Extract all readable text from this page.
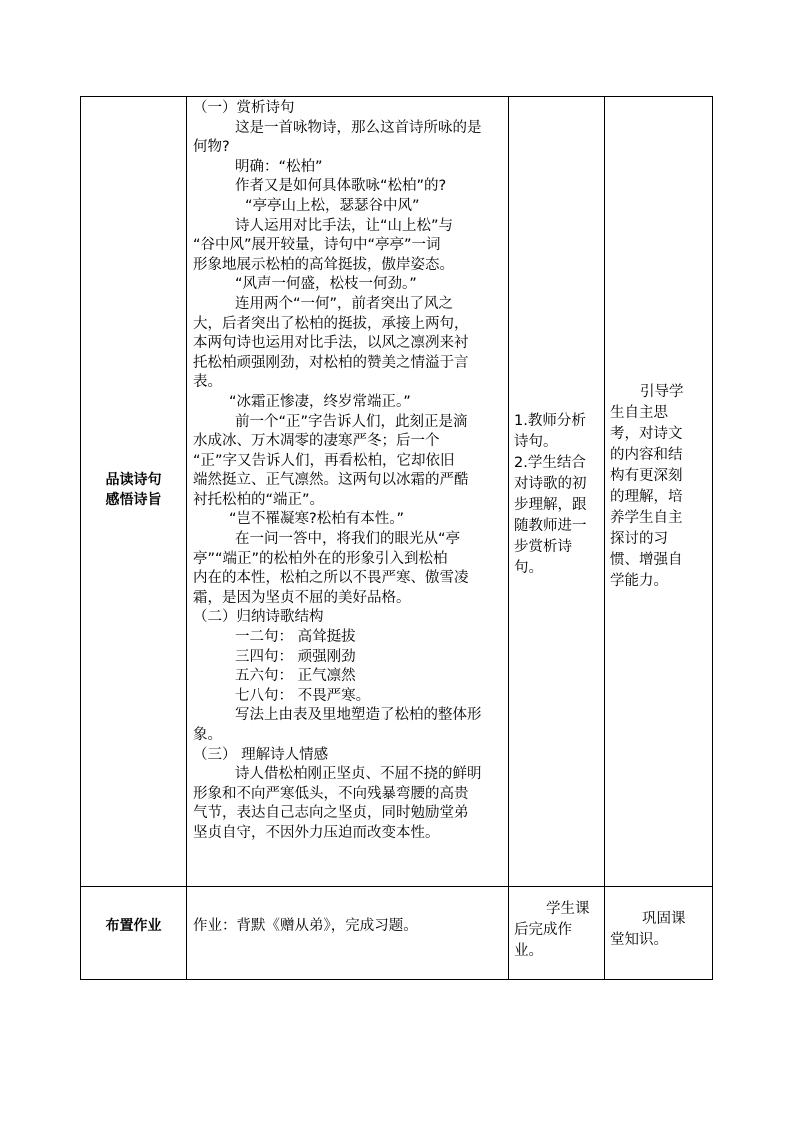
品读诗句
感悟诗旨

（一）赏析诗句

这是一首咏物诗，那么这首诗所咏的是

何物?

明确：“松柏”

作者又是如何具体歌咏“松柏”的?

“亭亭山上松，瑟瑟谷中风”

诗人运用对比手法，让“山上松”与

“谷中风”展开较量，诗句中“亭亭”一词

形象地展示松柏的高耸挺拔，傲岸姿态。

“风声一何盛，松枝一何劲。”

连用两个“一何”，前者突出了风之

大，后者突出了松柏的挺拔，承接上两句，

本两句诗也运用对比手法，以风之凛冽来衬

托松柏顽强刚劲，对松柏的赞美之情溢于言

表。

“冰霜正惨凄，终岁常端正。”

前一个“正”字告诉人们，此刻正是滴

水成冰、万木凋零的凄寒严冬；后一个

“正”字又告诉人们，再看松柏，它却依旧

端然挺立、正气凛然。这两句以冰霜的严酷

衬托松柏的“端正”。

“岂不罹凝寒?松柏有本性。”

在一问一答中，将我们的眼光从“亭

亭”“端正”的松柏外在的形象引入到松柏

内在的本性，松柏之所以不畏严寒、傲雪凌

霜，是因为坚贞不屈的美好品格。

（二）归纳诗歌结构

一二句： 高耸挺拔

三四句： 顽强刚劲

五六句： 正气凛然

七八句： 不畏严寒。

写法上由表及里地塑造了松柏的整体形

象。

（三） 理解诗人情感

诗人借松柏刚正坚贞、不屈不挠的鲜明

形象和不向严寒低头，不向残暴弯腰的高贵

气节，表达自己志向之坚贞，同时勉励堂弟

坚贞自守，不因外力压迫而改变本性。

1.教师分析

诗句。

2.学生结合

对诗歌的初

步理解，跟

随教师进一

步赏析诗

句。

引导学

生自主思

考，对诗文

的内容和结

构有更深刻

的理解，培

养学生自主

探讨的习

惯、增强自

学能力。

布置作业	作业：背默《赠从弟》，完成习题。

学生课

后完成作

业。

巩固课

堂知识。
